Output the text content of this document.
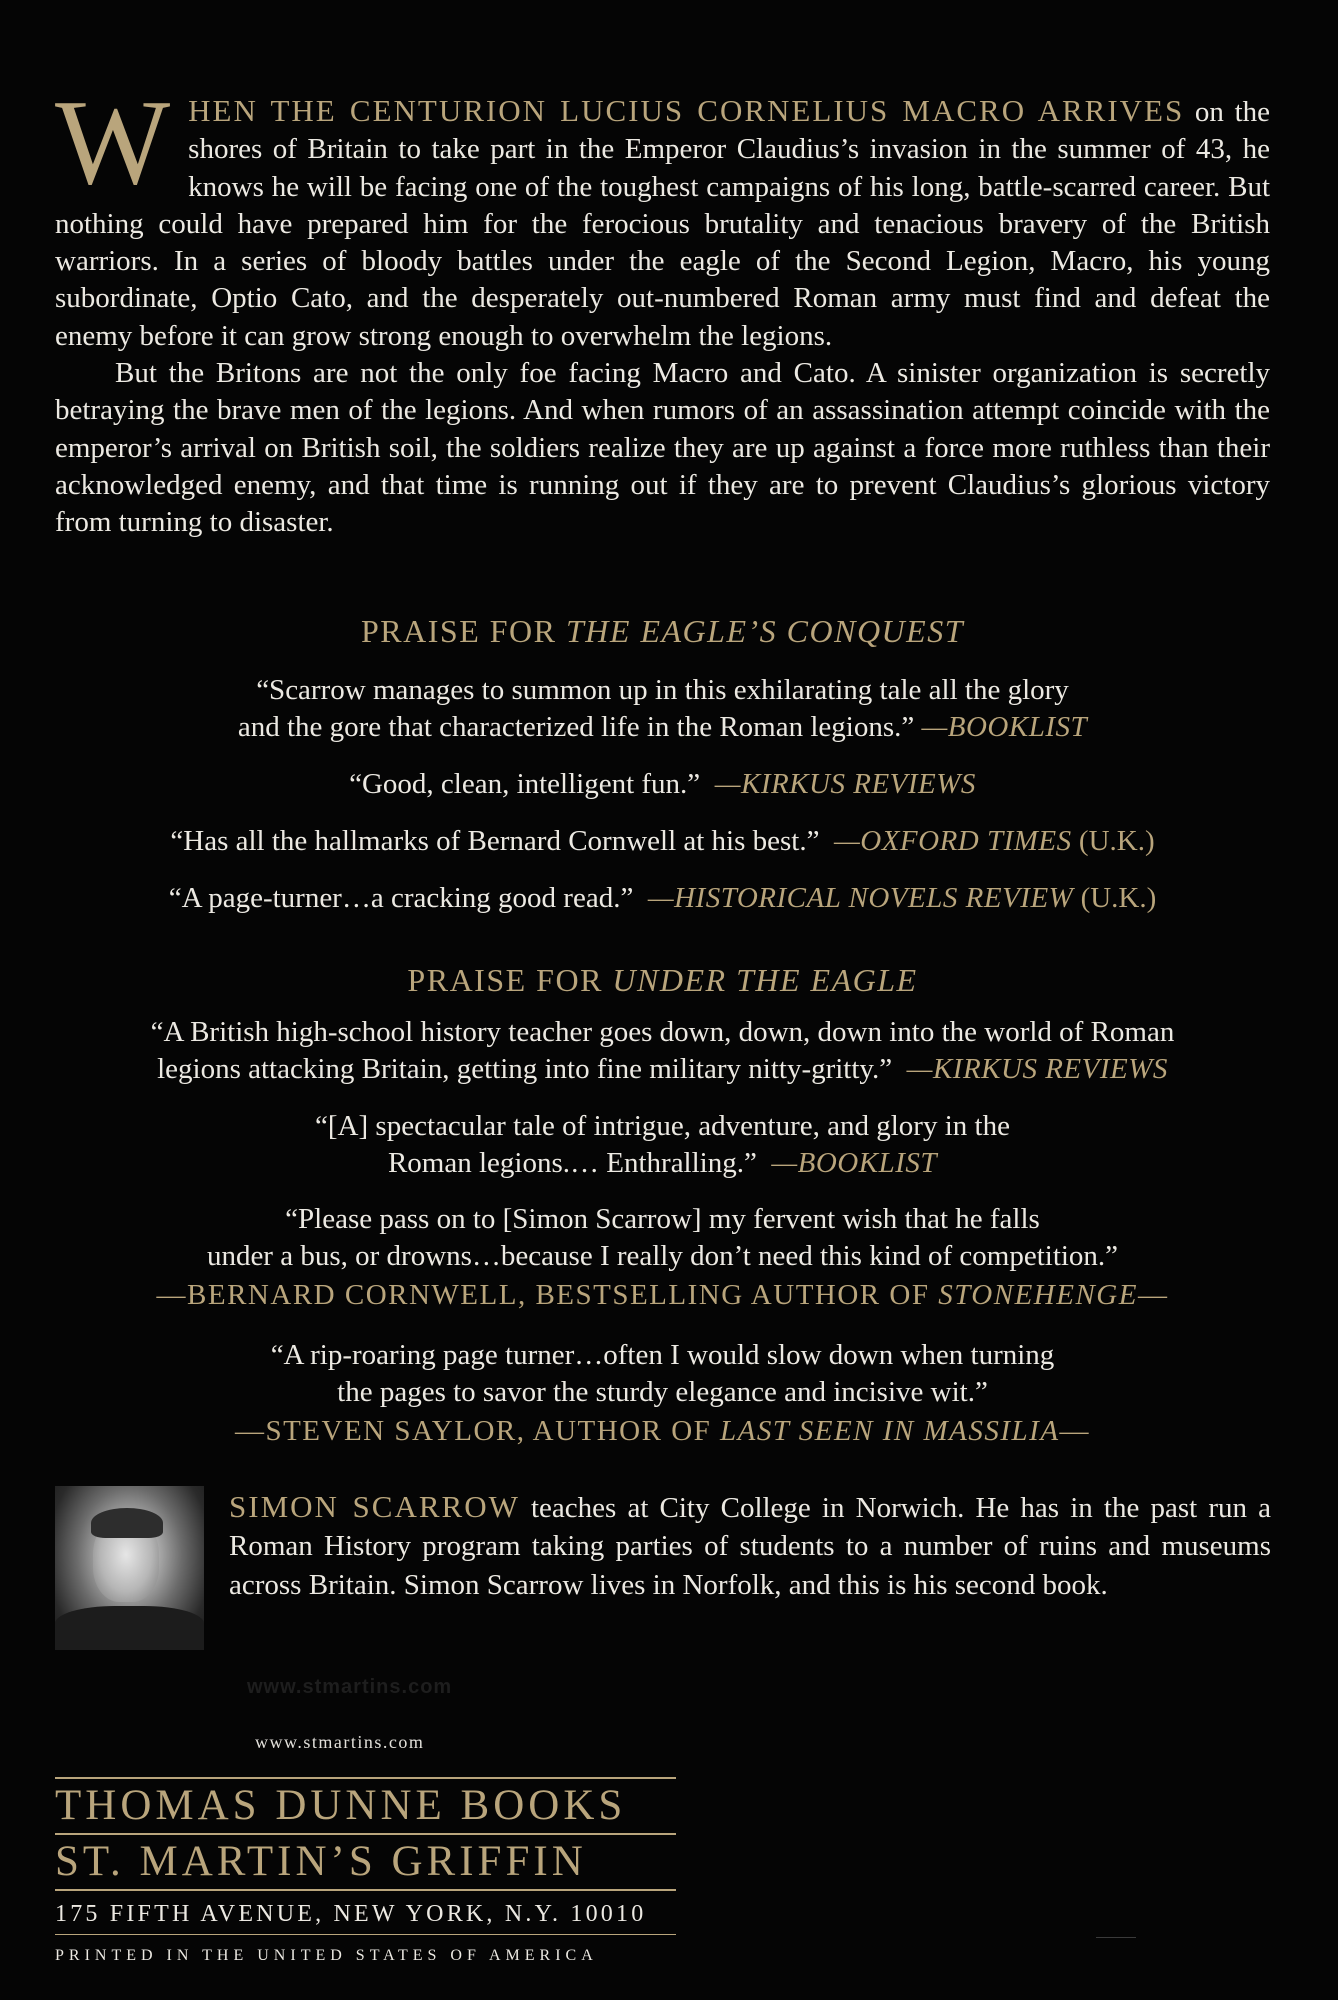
W HEN THE CENTURION LUCIUS CORNELIUS MACRO ARRIVES on the shores of Britain to take part in the Emperor Claudius’s invasion in the summer of 43, he knows he will be facing one of the toughest campaigns of his long, battle-scarred career. But nothing could have prepared him for the ferocious brutality and tenacious bravery of the British warriors. In a series of bloody battles under the eagle of the Second Legion, Macro, his young subordinate, Optio Cato, and the desperately out-numbered Roman army must find and defeat the enemy before it can grow strong enough to overwhelm the legions.

But the Britons are not the only foe facing Macro and Cato. A sinister organization is secretly betraying the brave men of the legions. And when rumors of an assassination attempt coincide with the emperor’s arrival on British soil, the soldiers realize they are up against a force more ruthless than their acknowledged enemy, and that time is running out if they are to prevent Claudius’s glorious victory from turning to disaster.

PRAISE FOR THE EAGLE’S CONQUEST
“Scarrow manages to summon up in this exhilarating tale all the glory
and the gore that characterized life in the Roman legions.” —BOOKLIST
“Good, clean, intelligent fun.” —KIRKUS REVIEWS
“Has all the hallmarks of Bernard Cornwell at his best.” —OXFORD TIMES (U.K.)
“A page-turner…a cracking good read.” —HISTORICAL NOVELS REVIEW (U.K.)
PRAISE FOR UNDER THE EAGLE
“A British high-school history teacher goes down, down, down into the world of Roman
legions attacking Britain, getting into fine military nitty-gritty.” —KIRKUS REVIEWS
“[A] spectacular tale of intrigue, adventure, and glory in the
Roman legions.… Enthralling.” —BOOKLIST
“Please pass on to [Simon Scarrow] my fervent wish that he falls
under a bus, or drowns…because I really don’t need this kind of competition.”
—BERNARD CORNWELL, BESTSELLING AUTHOR OF STONEHENGE—
“A rip-roaring page turner…often I would slow down when turning
the pages to savor the sturdy elegance and incisive wit.”
—STEVEN SAYLOR, AUTHOR OF LAST SEEN IN MASSILIA—
SIMON SCARROW teaches at City College in Norwich. He has in the past run a Roman History program taking parties of students to a number of ruins and museums across Britain. Simon Scarrow lives in Norfolk, and this is his second book.
www.stmartins.com
www.stmartins.com
THOMAS DUNNE BOOKS
ST. MARTIN’S GRIFFIN
175 FIFTH AVENUE, NEW YORK, N.Y. 10010
PRINTED IN THE UNITED STATES OF AMERICA
